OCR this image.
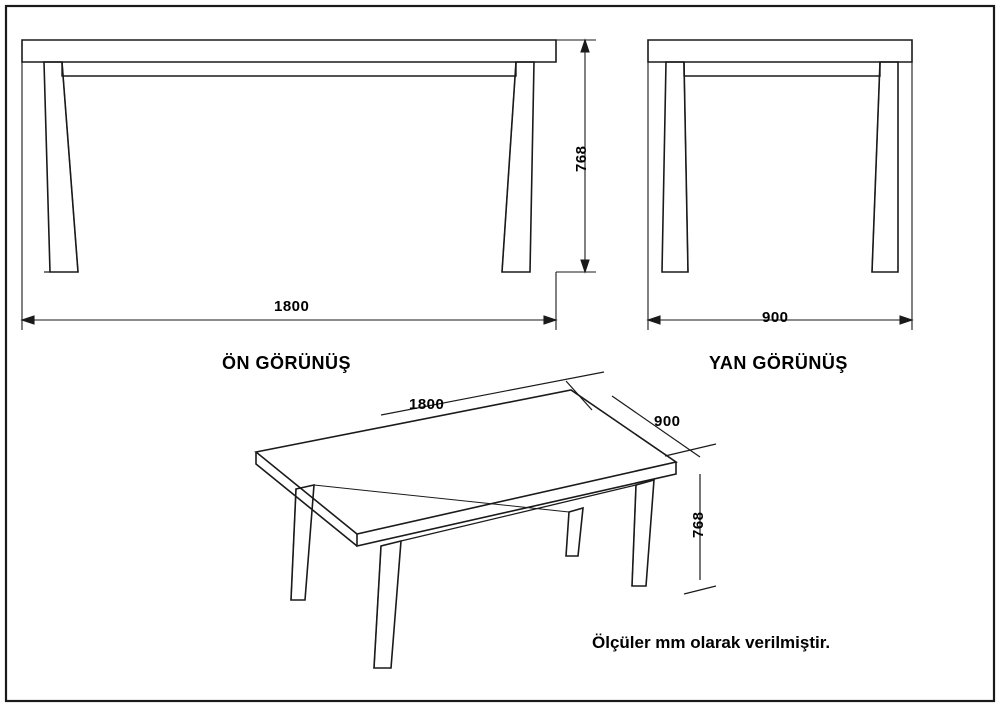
1800
768
ÖN GÖRÜNÜŞ
900
YAN GÖRÜNÜŞ
1800
900
768
Ölçüler mm olarak verilmiştir.
